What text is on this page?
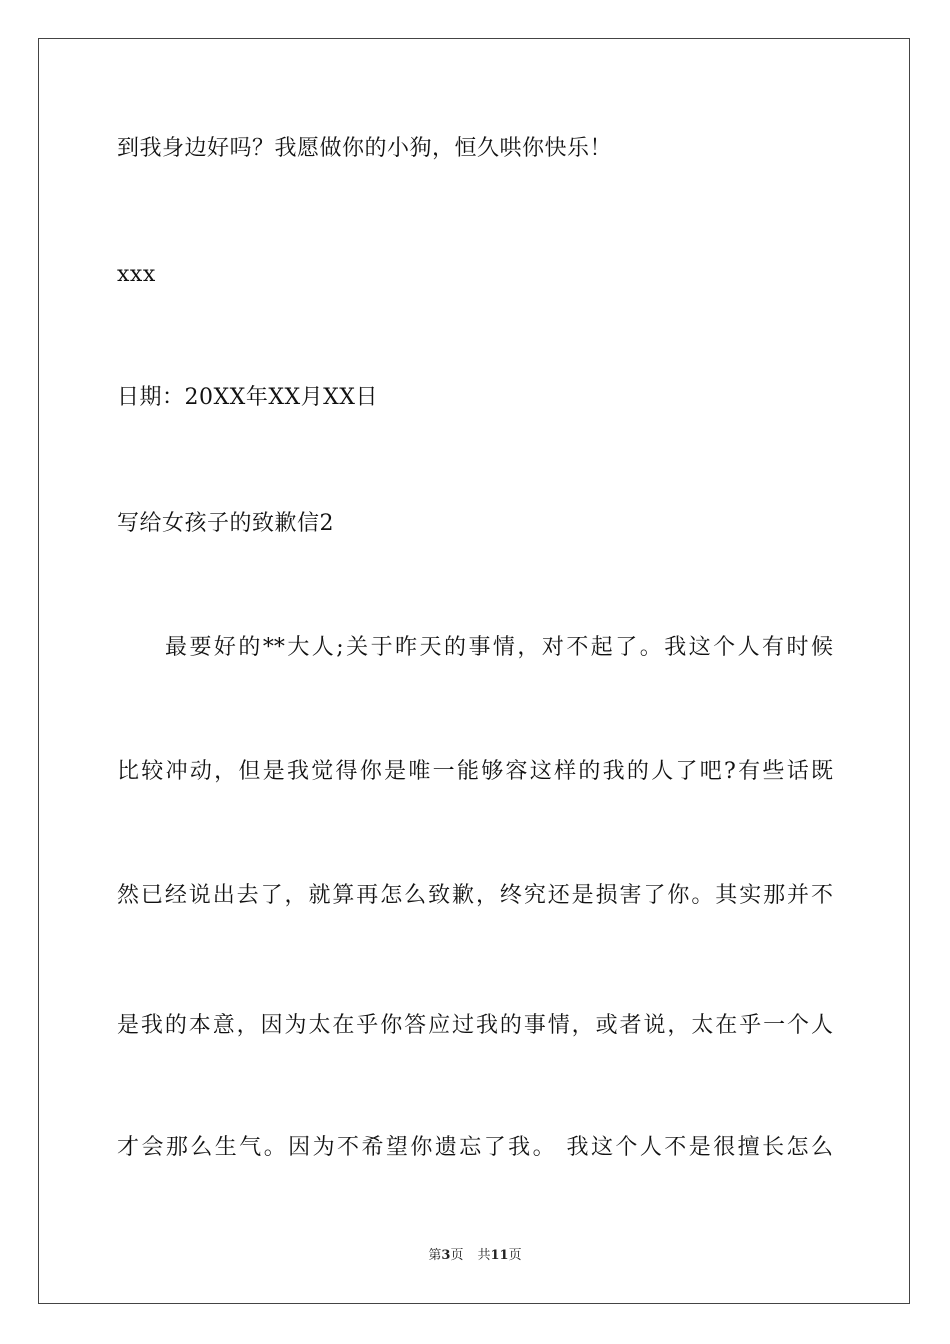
到我身边好吗？我愿做你的小狗，恒久哄你快乐！
xxx
日期：20XX年XX月XX日
写给女孩子的致歉信2
最要好的**大人;关于昨天的事情，对不起了。我这个人有时候
比较冲动，但是我觉得你是唯一能够容这样的我的人了吧?有些话既
然已经说出去了，就算再怎么致歉，终究还是损害了你。其实那并不
是我的本意，因为太在乎你答应过我的事情，或者说，太在乎一个人
才会那么生气。因为不希望你遗忘了我。 我这个人不是很擅长怎么
第3页 共11页
